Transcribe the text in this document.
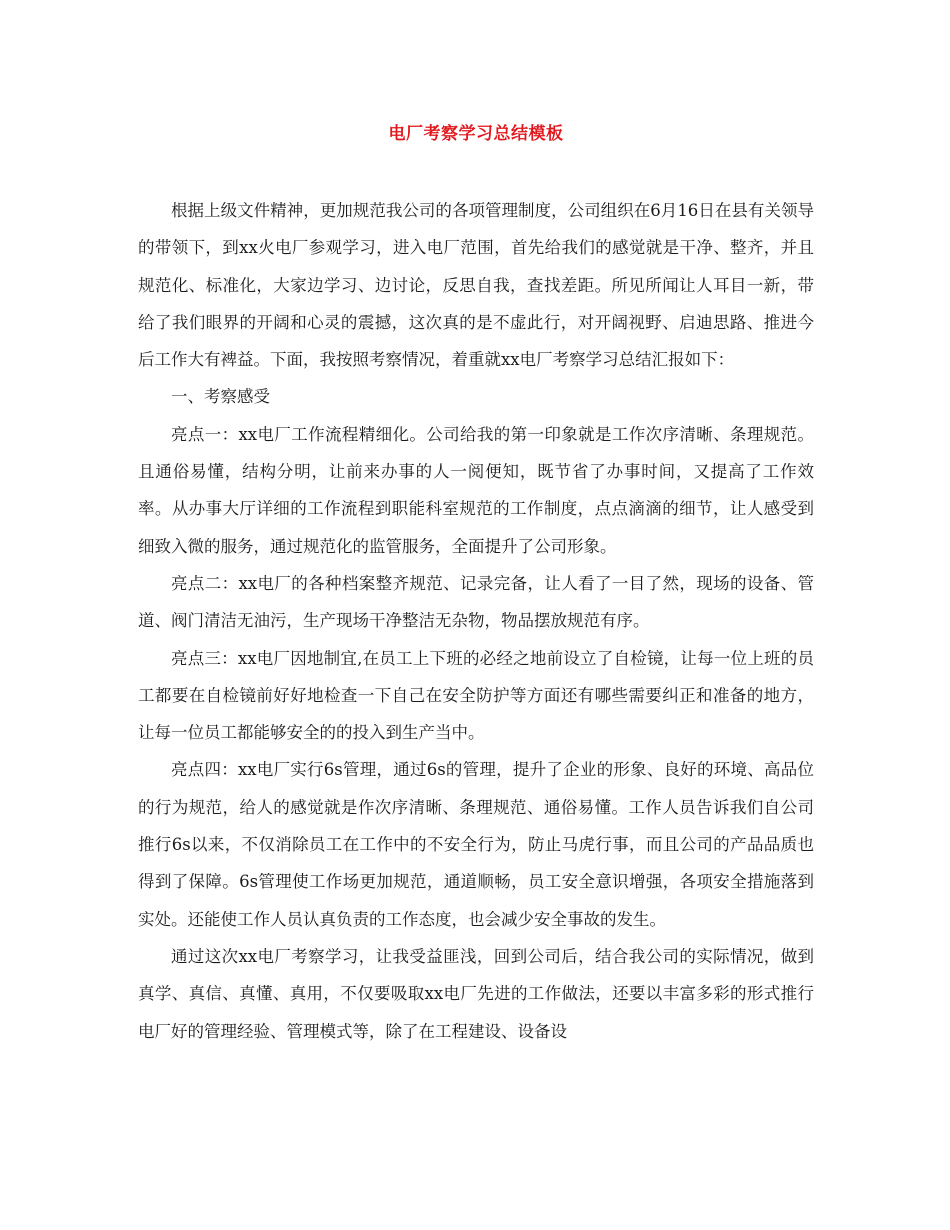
电厂考察学习总结模板

根据上级文件精神，更加规范我公司的各项管理制度，公司组织在6月16日在县有关领导的带领下，到xx火电厂参观学习，进入电厂范围，首先给我们的感觉就是干净、整齐，并且规范化、标准化，大家边学习、边讨论，反思自我，查找差距。所见所闻让人耳目一新，带给了我们眼界的开阔和心灵的震撼，这次真的是不虚此行，对开阔视野、启迪思路、推进今后工作大有裨益。下面，我按照考察情况，着重就xx电厂考察学习总结汇报如下：

一、考察感受

亮点一：xx电厂工作流程精细化。公司给我的第一印象就是工作次序清晰、条理规范。且通俗易懂，结构分明，让前来办事的人一阅便知，既节省了办事时间，又提高了工作效率。从办事大厅详细的工作流程到职能科室规范的工作制度，点点滴滴的细节，让人感受到细致入微的服务，通过规范化的监管服务，全面提升了公司形象。

亮点二：xx电厂的各种档案整齐规范、记录完备，让人看了一目了然，现场的设备、管道、阀门清洁无油污，生产现场干净整洁无杂物，物品摆放规范有序。

亮点三：xx电厂因地制宜,在员工上下班的必经之地前设立了自检镜，让每一位上班的员工都要在自检镜前好好地检查一下自己在安全防护等方面还有哪些需要纠正和准备的地方，让每一位员工都能够安全的的投入到生产当中。

亮点四：xx电厂实行6s管理，通过6s的管理，提升了企业的形象、良好的环境、高品位的行为规范，给人的感觉就是作次序清晰、条理规范、通俗易懂。工作人员告诉我们自公司推行6s以来，不仅消除员工在工作中的不安全行为，防止马虎行事，而且公司的产品品质也得到了保障。6s管理使工作场更加规范，通道顺畅，员工安全意识增强，各项安全措施落到实处。还能使工作人员认真负责的工作态度，也会减少安全事故的发生。

通过这次xx电厂考察学习，让我受益匪浅，回到公司后，结合我公司的实际情况，做到真学、真信、真懂、真用，不仅要吸取xx电厂先进的工作做法，还要以丰富多彩的形式推行电厂好的管理经验、管理模式等，除了在工程建设、设备设
